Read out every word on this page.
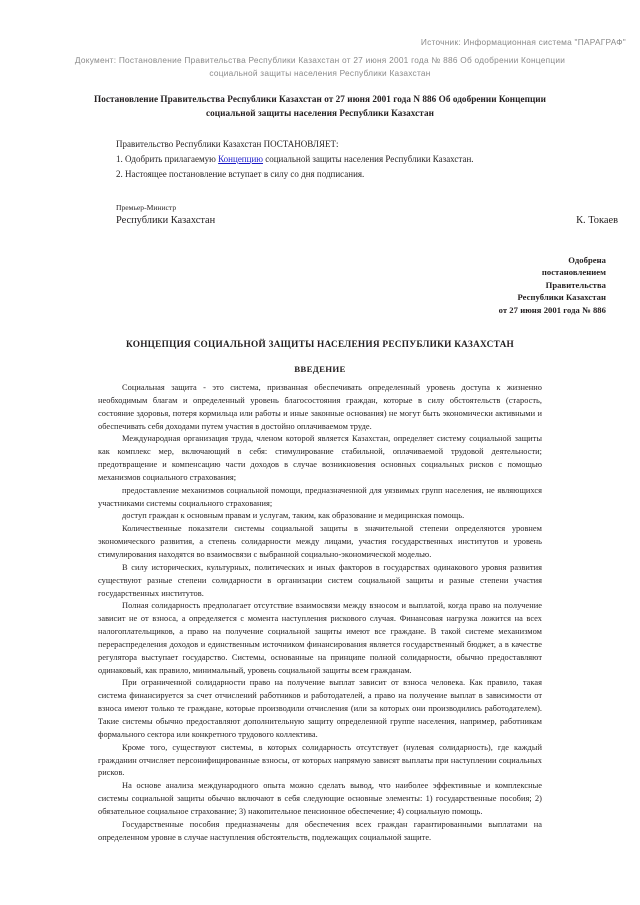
Источник: Информационная система "ПАРАГРАФ"
Документ: Постановление Правительства Республики Казахстан от 27 июня 2001 года № 886 Об одобрении Концепции социальной защиты населения Республики Казахстан
Постановление Правительства Республики Казахстан от 27 июня 2001 года N 886 Об одобрении Концепции социальной защиты населения Республики Казахстан
Правительство Республики Казахстан ПОСТАНОВЛЯЕТ:
1. Одобрить прилагаемую Концепцию социальной защиты населения Республики Казахстан.
2. Настоящее постановление вступает в силу со дня подписания.
Премьер-Министр
Республики Казахстан	К. Токаев
Одобрена
постановлением
Правительства
Республики Казахстан
от 27 июня 2001 года № 886
КОНЦЕПЦИЯ СОЦИАЛЬНОЙ ЗАЩИТЫ НАСЕЛЕНИЯ РЕСПУБЛИКИ КАЗАХСТАН
ВВЕДЕНИЕ

Социальная защита - это система, призванная обеспечивать определенный уровень доступа к жизненно необходимым благам и определенный уровень благосостояния граждан, которые в силу обстоятельств (старость, состояние здоровья, потеря кормильца или работы и иные законные основания) не могут быть экономически активными и обеспечивать себя доходами путем участия в достойно оплачиваемом труде.

Международная организация труда, членом которой является Казахстан, определяет систему социальной защиты как комплекс мер, включающий в себя: стимулирование стабильной, оплачиваемой трудовой деятельности; предотвращение и компенсацию части доходов в случае возникновения основных социальных рисков с помощью механизмов социального страхования;

предоставление механизмов социальной помощи, предназначенной для уязвимых групп населения, не являющихся участниками системы социального страхования;

доступ граждан к основным правам и услугам, таким, как образование и медицинская помощь.

Количественные показатели системы социальной защиты в значительной степени определяются уровнем экономического развития, а степень солидарности между лицами, участия государственных институтов и уровень стимулирования находятся во взаимосвязи с выбранной социально-экономической моделью.

В силу исторических, культурных, политических и иных факторов в государствах одинакового уровня развития существуют разные степени солидарности в организации систем социальной защиты и разные степени участия государственных институтов.

Полная солидарность предполагает отсутствие взаимосвязи между взносом и выплатой, когда право на получение зависит не от взноса, а определяется с момента наступления рискового случая. Финансовая нагрузка ложится на всех налогоплательщиков, а право на получение социальной защиты имеют все граждане. В такой системе механизмом перераспределения доходов и единственным источником финансирования является государственный бюджет, а в качестве регулятора выступает государство. Системы, основанные на принципе полной солидарности, обычно предоставляют одинаковый, как правило, минимальный, уровень социальной защиты всем гражданам.

При ограниченной солидарности право на получение выплат зависит от взноса человека. Как правило, такая система финансируется за счет отчислений работников и работодателей, а право на получение выплат в зависимости от взноса имеют только те граждане, которые производили отчисления (или за которых они производились работодателем). Такие системы обычно предоставляют дополнительную защиту определенной группе населения, например, работникам формального сектора или конкретного трудового коллектива.

Кроме того, существуют системы, в которых солидарность отсутствует (нулевая солидарность), где каждый гражданин отчисляет персонифицированные взносы, от которых напрямую зависят выплаты при наступлении социальных рисков.

На основе анализа международного опыта можно сделать вывод, что наиболее эффективные и комплексные системы социальной защиты обычно включают в себя следующие основные элементы: 1) государственные пособия; 2) обязательное социальное страхование; 3) накопительное пенсионное обеспечение; 4) социальную помощь.

Государственные пособия предназначены для обеспечения всех граждан гарантированными выплатами на определенном уровне в случае наступления обстоятельств, подлежащих социальной защите.
